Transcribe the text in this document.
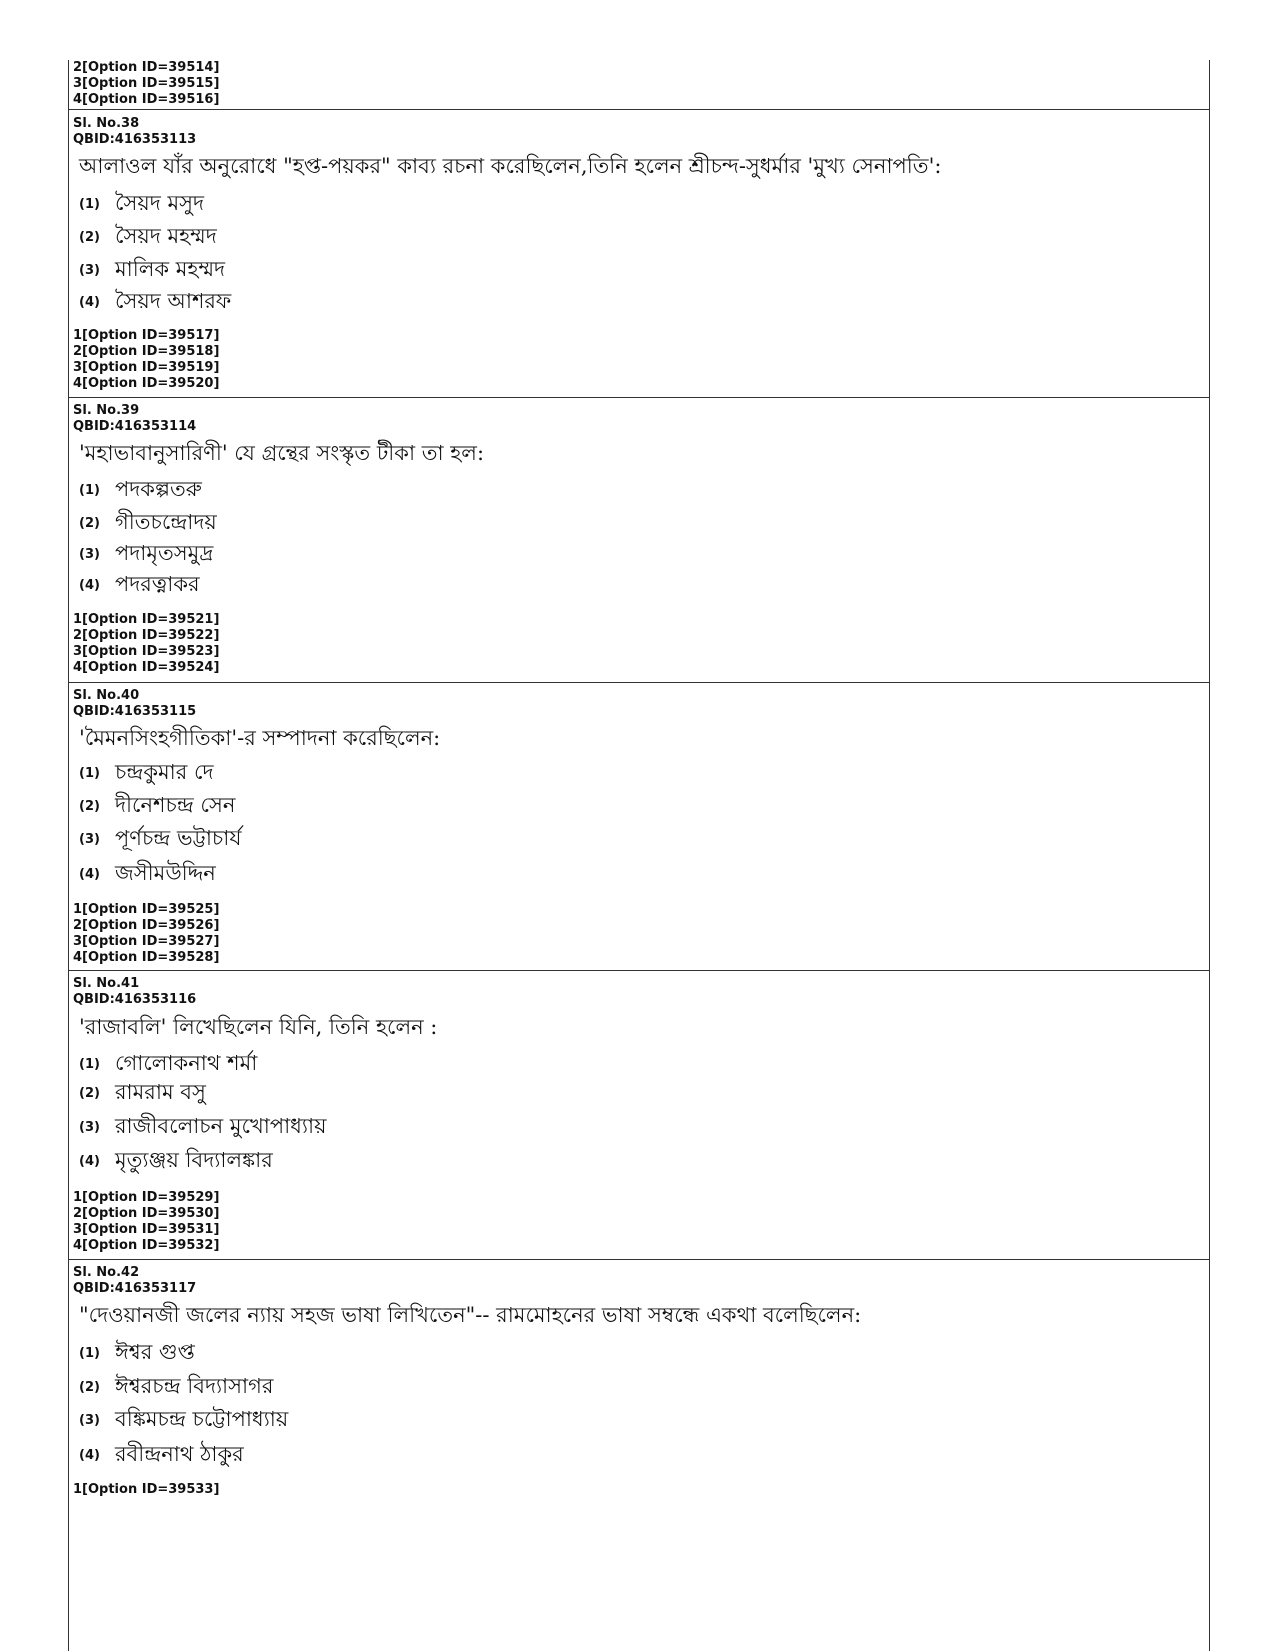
2[Option ID=39514]

3[Option ID=39515]

4[Option ID=39516]

Sl. No.38

QBID:416353113

আলাওল যাঁর অনুরোধে "হপ্ত-পয়কর" কাব্য রচনা করেছিলেন,তিনি হলেন শ্রীচন্দ-সুধর্মার 'মুখ্য সেনাপতি':
(1) সৈয়দ মসুদ
(2) সৈয়দ মহম্মদ
(3) মালিক মহম্মদ
(4) সৈয়দ আশরফ

1[Option ID=39517]

2[Option ID=39518]

3[Option ID=39519]

4[Option ID=39520]

Sl. No.39

QBID:416353114

'মহাভাবানুসারিণী' যে গ্রন্থের সংস্কৃত টীকা তা হল:
(1) পদকল্পতরু
(2) গীতচন্দ্রোদয়
(3) পদামৃতসমুদ্র
(4) পদরত্নাকর

1[Option ID=39521]

2[Option ID=39522]

3[Option ID=39523]

4[Option ID=39524]

Sl. No.40

QBID:416353115

'মৈমনসিংহগীতিকা'-র সম্পাদনা করেছিলেন:
(1) চন্দ্রকুমার দে
(2) দীনেশচন্দ্র সেন
(3) পূর্ণচন্দ্র ভট্টাচার্য
(4) জসীমউদ্দিন

1[Option ID=39525]

2[Option ID=39526]

3[Option ID=39527]

4[Option ID=39528]

Sl. No.41

QBID:416353116

'রাজাবলি' লিখেছিলেন যিনি, তিনি হলেন :
(1) গোলোকনাথ শর্মা
(2) রামরাম বসু
(3) রাজীবলোচন মুখোপাধ্যায়
(4) মৃত্যুঞ্জয় বিদ্যালঙ্কার

1[Option ID=39529]

2[Option ID=39530]

3[Option ID=39531]

4[Option ID=39532]

Sl. No.42

QBID:416353117

"দেওয়ানজী জলের ন্যায় সহজ ভাষা লিখিতেন"-- রামমোহনের ভাষা সম্বন্ধে একথা বলেছিলেন:
(1) ঈশ্বর গুপ্ত
(2) ঈশ্বরচন্দ্র বিদ্যাসাগর
(3) বঙ্কিমচন্দ্র চট্টোপাধ্যায়
(4) রবীন্দ্রনাথ ঠাকুর

1[Option ID=39533]
